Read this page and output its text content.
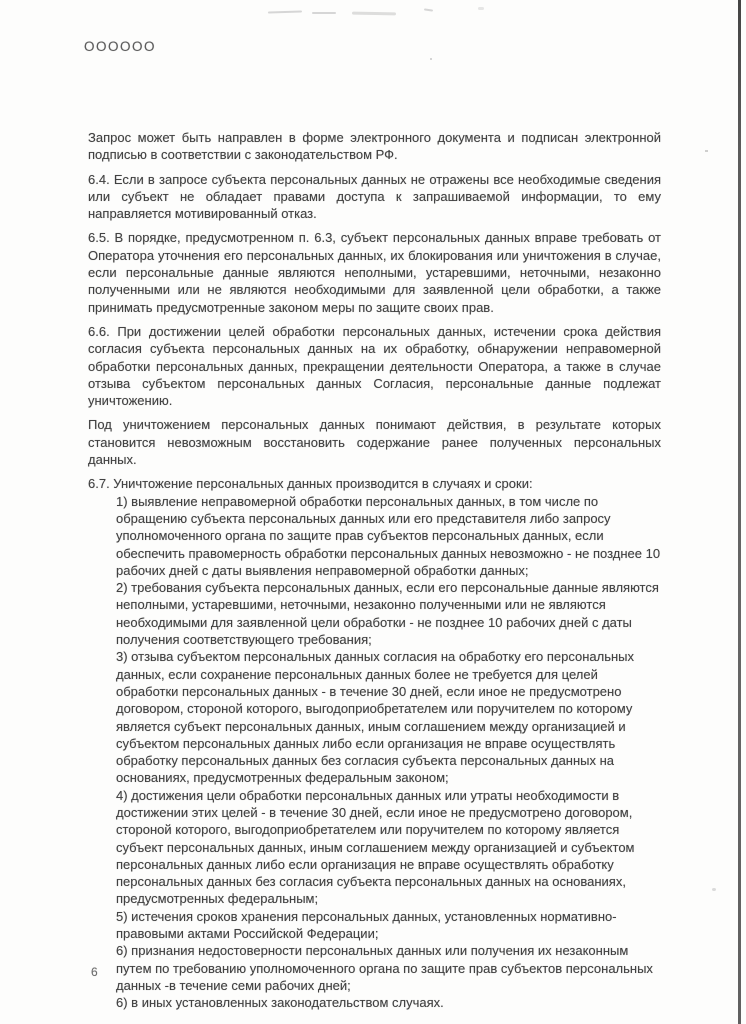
ОООООО

Запрос может быть направлен в форме электронного документа и подписан электронной подписью в соответствии с законодательством РФ.

6.4. Если в запросе субъекта персональных данных не отражены все необходимые сведения или субъект не обладает правами доступа к запрашиваемой информации, то ему направляется мотивированный отказ.

6.5. В порядке, предусмотренном п. 6.3, субъект персональных данных вправе требовать от Оператора уточнения его персональных данных, их блокирования или уничтожения в случае, если персональные данные являются неполными, устаревшими, неточными, незаконно полученными или не являются необходимыми для заявленной цели обработки, а также принимать предусмотренные законом меры по защите своих прав.

6.6. При достижении целей обработки персональных данных, истечении срока действия согласия субъекта персональных данных на их обработку, обнаружении неправомерной обработки персональных данных, прекращении деятельности Оператора, а также в случае отзыва субъектом персональных данных Согласия, персональные данные подлежат уничтожению.

Под уничтожением персональных данных понимают действия, в результате которых становится невозможным восстановить содержание ранее полученных персональных данных.

6.7. Уничтожение персональных данных производится в случаях и сроки:

1) выявление неправомерной обработки персональных данных, в том числе по обращению субъекта персональных данных или его представителя либо запросу уполномоченного органа по защите прав субъектов персональных данных, если обеспечить правомерность обработки персональных данных невозможно - не позднее 10 рабочих дней с даты выявления неправомерной обработки данных;

2) требования субъекта персональных данных, если его персональные данные являются неполными, устаревшими, неточными, незаконно полученными или не являются необходимыми для заявленной цели обработки - не позднее 10 рабочих дней с даты получения соответствующего требования;

3) отзыва субъектом персональных данных согласия на обработку его персональных данных, если сохранение персональных данных более не требуется для целей обработки персональных данных - в течение 30 дней, если иное не предусмотрено договором, стороной которого, выгодоприобретателем или поручителем по которому является субъект персональных данных, иным соглашением между организацией и субъектом персональных данных либо если организация не вправе осуществлять обработку персональных данных без согласия субъекта персональных данных на основаниях, предусмотренных федеральным законом;

4) достижения цели обработки персональных данных или утраты необходимости в достижении этих целей - в течение 30 дней, если иное не предусмотрено договором, стороной которого, выгодоприобретателем или поручителем по которому является субъект персональных данных, иным соглашением между организацией и субъектом персональных данных либо если организация не вправе осуществлять обработку персональных данных без согласия субъекта персональных данных на основаниях, предусмотренных федеральным;

5) истечения сроков хранения персональных данных, установленных нормативно-правовыми актами Российской Федерации;

6) признания недостоверности персональных данных или получения их незаконным путем по требованию уполномоченного органа по защите прав субъектов персональных данных -в течение семи рабочих дней;

6) в иных установленных законодательством случаях.

6
